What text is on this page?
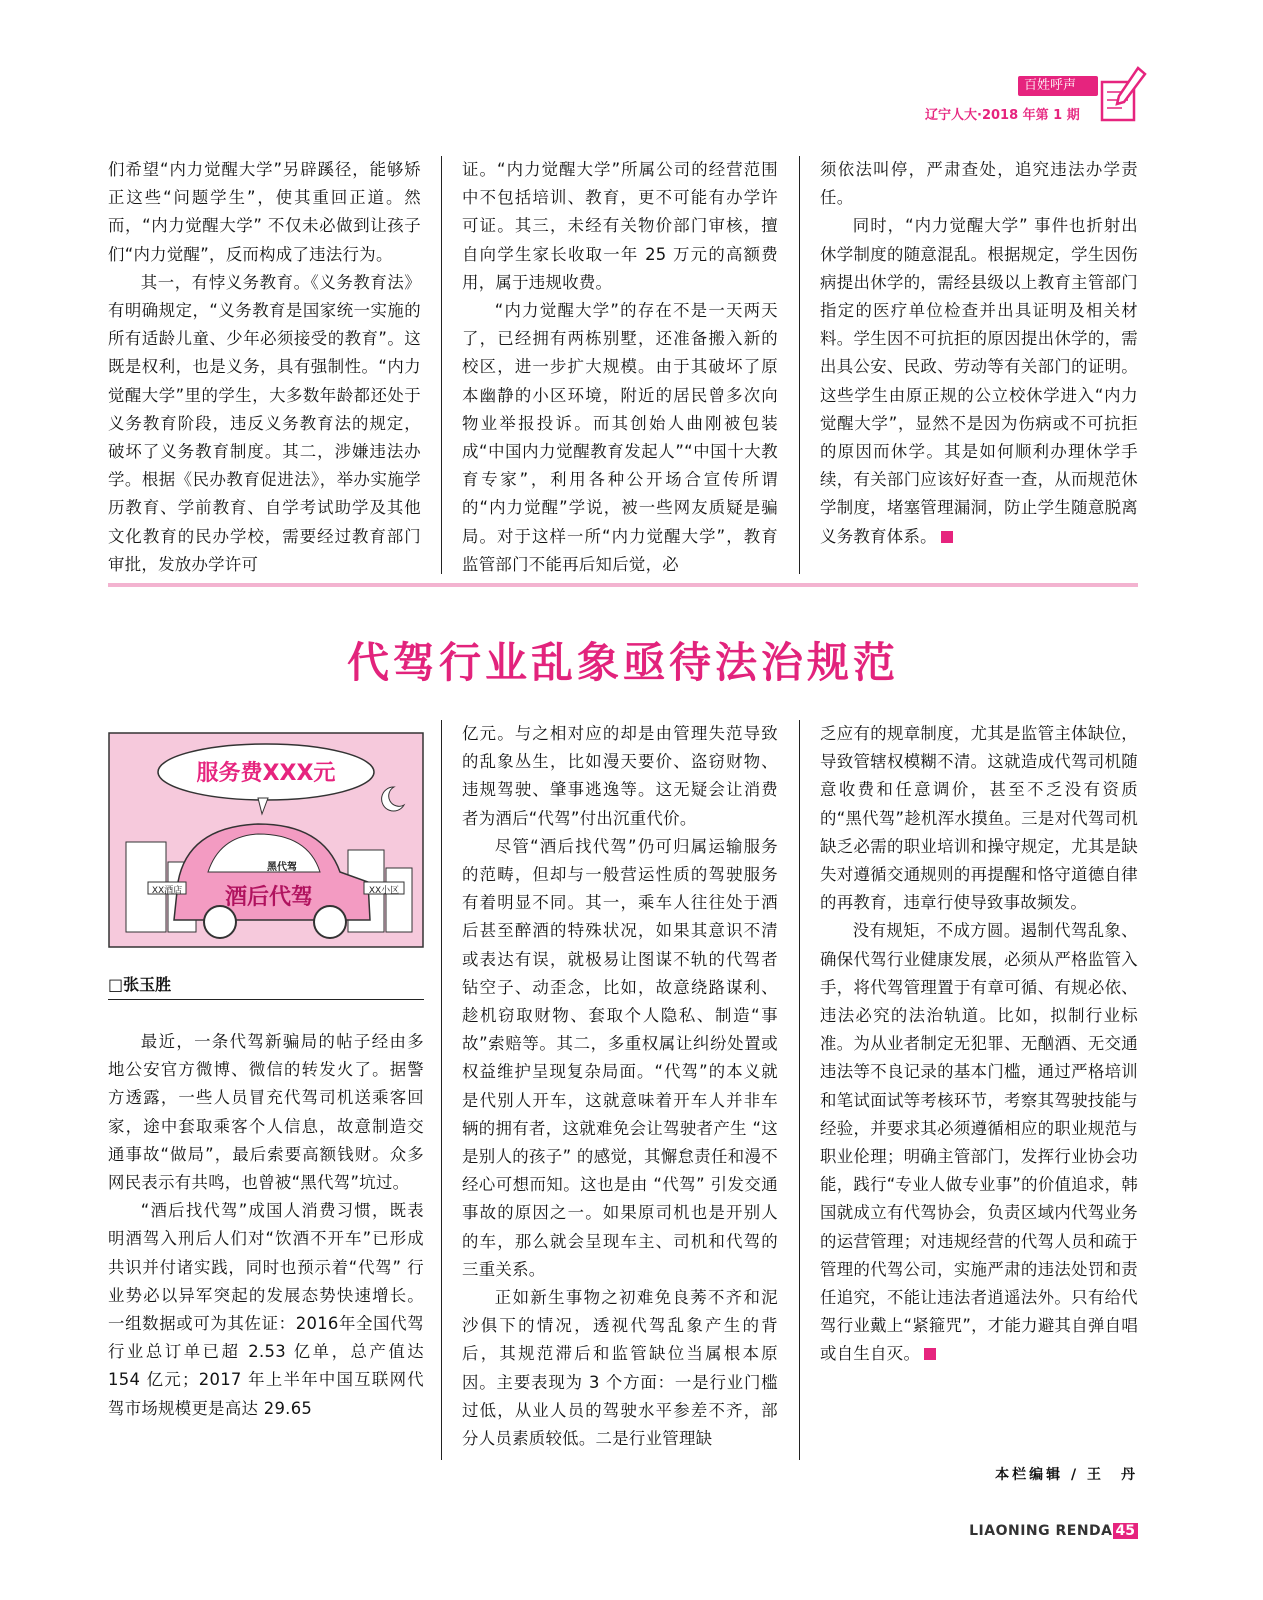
百姓呼声
辽宁人大·2018 年第 1 期

们希望“内力觉醒大学”另辟蹊径，能够矫正这些“问题学生”，使其重回正道。然而，“内力觉醒大学” 不仅未必做到让孩子们“内力觉醒”，反而构成了违法行为。

其一，有悖义务教育。《义务教育法》有明确规定，“义务教育是国家统一实施的所有适龄儿童、少年必须接受的教育”。这既是权利，也是义务，具有强制性。“内力觉醒大学”里的学生，大多数年龄都还处于义务教育阶段，违反义务教育法的规定，破坏了义务教育制度。其二，涉嫌违法办学。根据《民办教育促进法》，举办实施学历教育、学前教育、自学考试助学及其他文化教育的民办学校，需要经过教育部门审批，发放办学许可

证。“内力觉醒大学”所属公司的经营范围中不包括培训、教育，更不可能有办学许可证。其三，未经有关物价部门审核，擅自向学生家长收取一年 25 万元的高额费用，属于违规收费。

“内力觉醒大学”的存在不是一天两天了，已经拥有两栋别墅，还准备搬入新的校区，进一步扩大规模。由于其破坏了原本幽静的小区环境，附近的居民曾多次向物业举报投诉。而其创始人曲刚被包装成“中国内力觉醒教育发起人”“中国十大教育专家”，利用各种公开场合宣传所谓的“内力觉醒”学说，被一些网友质疑是骗局。对于这样一所“内力觉醒大学”，教育监管部门不能再后知后觉，必

须依法叫停，严肃查处，追究违法办学责任。

同时，“内力觉醒大学” 事件也折射出休学制度的随意混乱。根据规定，学生因伤病提出休学的，需经县级以上教育主管部门指定的医疗单位检查并出具证明及相关材料。学生因不可抗拒的原因提出休学的，需出具公安、民政、劳动等有关部门的证明。这些学生由原正规的公立校休学进入“内力觉醒大学”，显然不是因为伤病或不可抗拒的原因而休学。其是如何顺利办理休学手续，有关部门应该好好查一查，从而规范休学制度，堵塞管理漏洞，防止学生随意脱离义务教育体系。

代驾行业乱象亟待法治规范
服务费XXX元
酒后代驾
黑代驾
XX酒店	XX小区
□张玉胜

最近，一条代驾新骗局的帖子经由多地公安官方微博、微信的转发火了。据警方透露，一些人员冒充代驾司机送乘客回家，途中套取乘客个人信息，故意制造交通事故“做局”，最后索要高额钱财。众多网民表示有共鸣，也曾被“黑代驾”坑过。

“酒后找代驾”成国人消费习惯，既表明酒驾入刑后人们对“饮酒不开车”已形成共识并付诸实践，同时也预示着“代驾” 行业势必以异军突起的发展态势快速增长。一组数据或可为其佐证：2016年全国代驾行业总订单已超 2.53 亿单，总产值达 154 亿元；2017 年上半年中国互联网代驾市场规模更是高达 29.65

亿元。与之相对应的却是由管理失范导致的乱象丛生，比如漫天要价、盗窃财物、违规驾驶、肇事逃逸等。这无疑会让消费者为酒后“代驾”付出沉重代价。

尽管“酒后找代驾”仍可归属运输服务的范畴，但却与一般营运性质的驾驶服务有着明显不同。其一，乘车人往往处于酒后甚至醉酒的特殊状况，如果其意识不清或表达有误，就极易让图谋不轨的代驾者钻空子、动歪念，比如，故意绕路谋利、趁机窃取财物、套取个人隐私、制造“事故”索赔等。其二，多重权属让纠纷处置或权益维护呈现复杂局面。“代驾”的本义就是代别人开车，这就意味着开车人并非车辆的拥有者，这就难免会让驾驶者产生 “这是别人的孩子” 的感觉，其懈怠责任和漫不经心可想而知。这也是由 “代驾” 引发交通事故的原因之一。如果原司机也是开别人的车，那么就会呈现车主、司机和代驾的三重关系。

正如新生事物之初难免良莠不齐和泥沙俱下的情况，透视代驾乱象产生的背后，其规范滞后和监管缺位当属根本原因。主要表现为 3 个方面：一是行业门槛过低，从业人员的驾驶水平参差不齐，部分人员素质较低。二是行业管理缺

乏应有的规章制度，尤其是监管主体缺位，导致管辖权模糊不清。这就造成代驾司机随意收费和任意调价，甚至不乏没有资质的“黑代驾”趁机浑水摸鱼。三是对代驾司机缺乏必需的职业培训和操守规定，尤其是缺失对遵循交通规则的再提醒和恪守道德自律的再教育，违章行使导致事故频发。

没有规矩，不成方圆。遏制代驾乱象、确保代驾行业健康发展，必须从严格监管入手，将代驾管理置于有章可循、有规必依、违法必究的法治轨道。比如，拟制行业标准。为从业者制定无犯罪、无酗酒、无交通违法等不良记录的基本门槛，通过严格培训和笔试面试等考核环节，考察其驾驶技能与经验，并要求其必须遵循相应的职业规范与职业伦理；明确主管部门，发挥行业协会功能，践行“专业人做专业事”的价值追求，韩国就成立有代驾协会，负责区域内代驾业务的运营管理；对违规经营的代驾人员和疏于管理的代驾公司，实施严肃的违法处罚和责任追究，不能让违法者逍遥法外。只有给代驾行业戴上“紧箍咒”，才能力避其自弹自唱或自生自灭。

本栏编辑 / 王　丹
LIAONING RENDA 45
